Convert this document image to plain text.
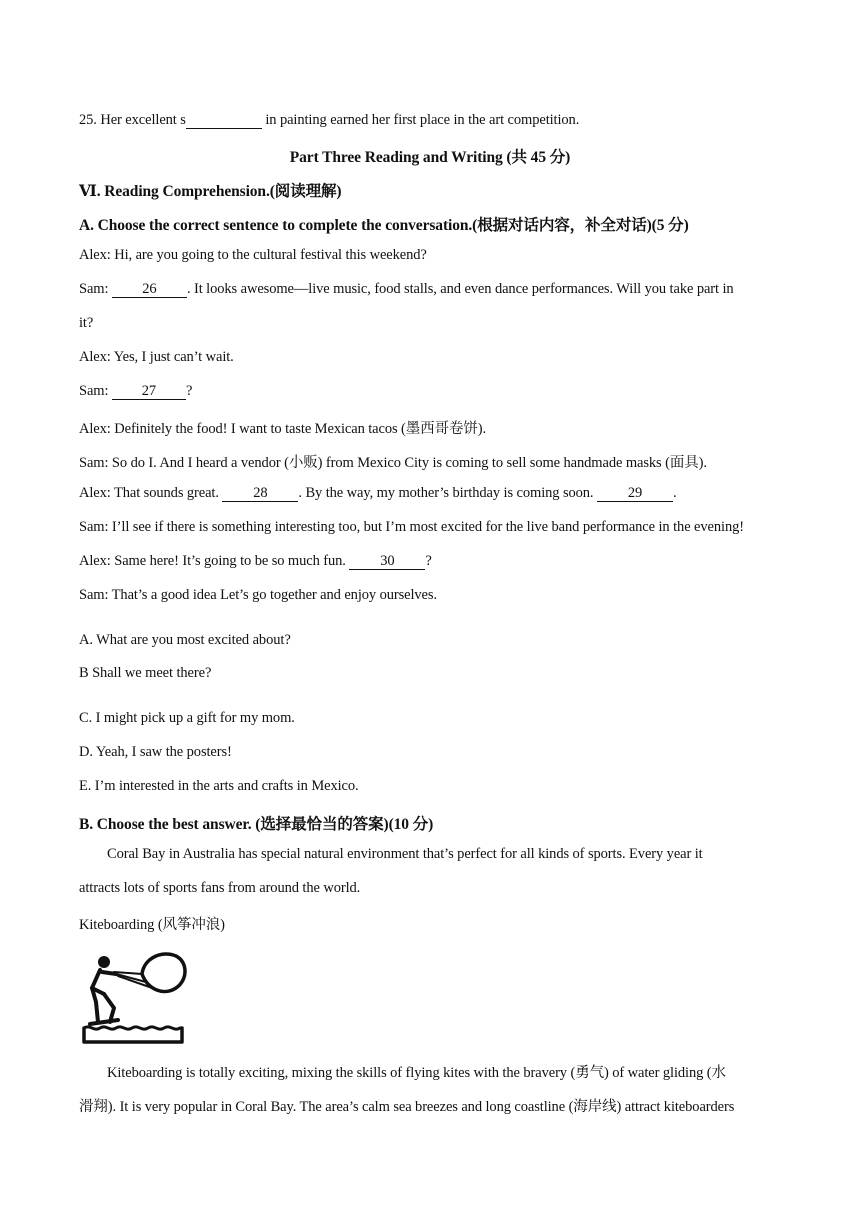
25. Her excellent s	in painting earned her first place in the art competition.
Part Three Reading and Writing (共 45 分)
Ⅵ. Reading Comprehension.(阅读理解)
A. Choose the correct sentence to complete the conversation.(根据对话内容，补全对话)(5 分)
Alex: Hi, are you going to the cultural festival this weekend?
Sam: 26 . It looks awesome—live music, food stalls, and even dance performances. Will you take part in
it?
Alex: Yes, I just can’t wait.
Sam: 27 ?
Alex: Definitely the food! I want to taste Mexican tacos (墨西哥卷饼).
Sam: So do I. And I heard a vendor (小贩) from Mexico City is coming to sell some handmade masks (面具).
Alex: That sounds great. 28 . By the way, my mother’s birthday is coming soon. 29 .
Sam: I’ll see if there is something interesting too, but I’m most excited for the live band performance in the evening!
Alex: Same here! It’s going to be so much fun. 30 ?
Sam: That’s a good idea Let’s go together and enjoy ourselves.
A. What are you most excited about?
B Shall we meet there?
C. I might pick up a gift for my mom.
D. Yeah, I saw the posters!
E. I’m interested in the arts and crafts in Mexico.
B. Choose the best answer. (选择最恰当的答案)(10 分)
Coral Bay in Australia has special natural environment that’s perfect for all kinds of sports. Every year it
attracts lots of sports fans from around the world.
Kiteboarding (风筝冲浪)
Kiteboarding is totally exciting, mixing the skills of flying kites with the bravery (勇气) of water gliding (水
滑翔). It is very popular in Coral Bay. The area’s calm sea breezes and long coastline (海岸线) attract kiteboarders
